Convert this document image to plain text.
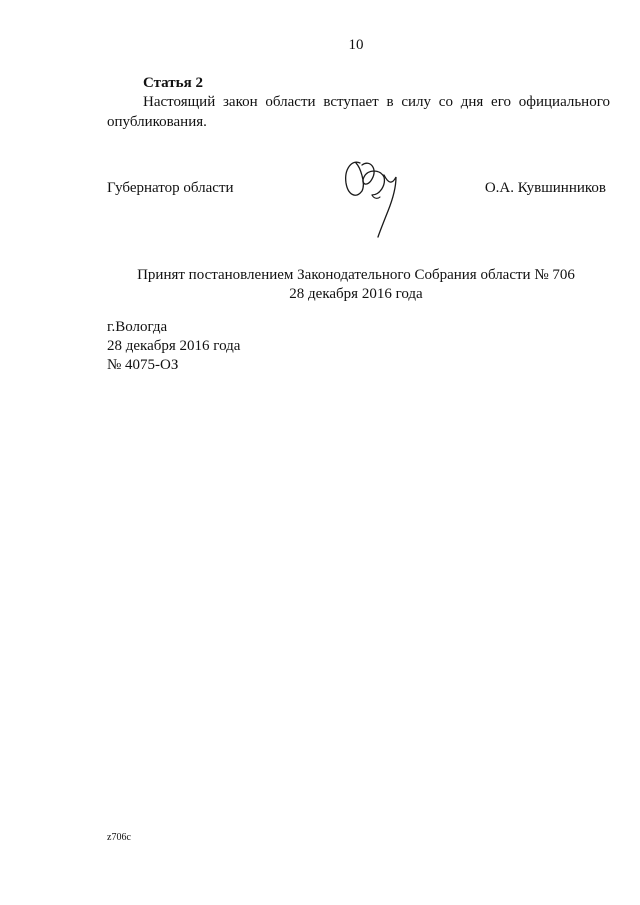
10
Статья 2
Настоящий закон области вступает в силу со дня его официального
опубликования.
Губернатор области	О.А. Кувшинников
Принят постановлением Законодательного Собрания области № 706
28 декабря 2016 года
г.Вологда
28 декабря 2016 года
№ 4075-ОЗ
z706c
